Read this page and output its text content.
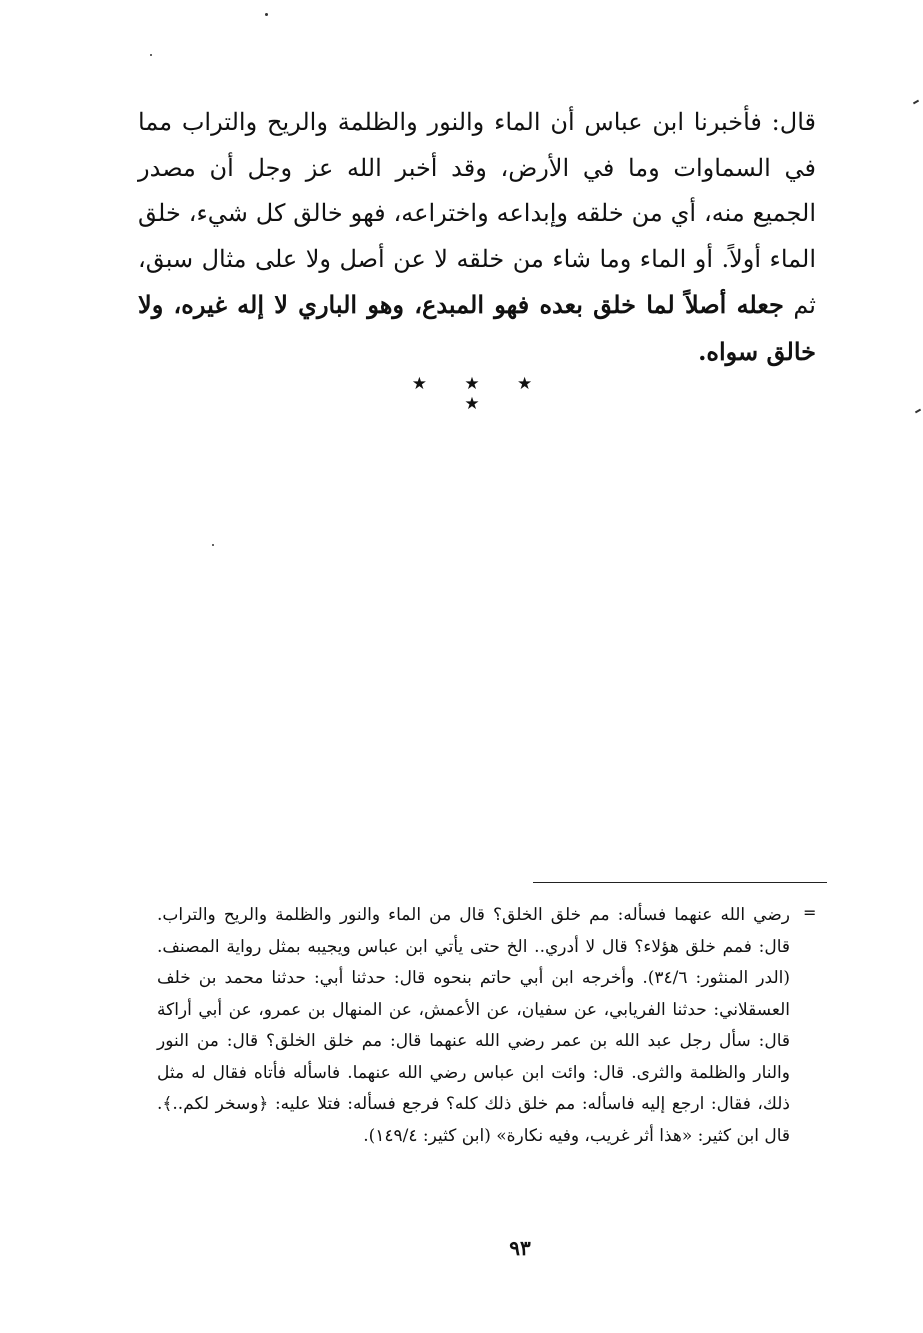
قال: فأخبرنا ابن عباس أن الماء والنور والظلمة والريح والتراب مما في السماوات وما في الأرض، وقد أخبر الله عز وجل أن مصدر الجميع منه، أي من خلقه وإبداعه واختراعه، فهو خالق كل شيء، خلق الماء أولاً. أو الماء وما شاء من خلقه لا عن أصل ولا على مثال سبق، ثم جعله أصلاً لما خلق بعده فهو المبدع، وهو الباري لا إله غيره، ولا خالق سواه.

★ ★ ★ ★
=

رضي الله عنهما فسأله: مم خلق الخلق؟ قال من الماء والنور والظلمة والريح والتراب. قال: فمم خلق هؤلاء؟ قال لا أدري.. الخ حتى يأتي ابن عباس ويجيبه بمثل رواية المصنف. (الدر المنثور: ٣٤/٦). وأخرجه ابن أبي حاتم بنحوه قال: حدثنا أبي: حدثنا محمد بن خلف العسقلاني: حدثنا الفريابي، عن سفيان، عن الأعمش، عن المنهال بن عمرو، عن أبي أراكة قال: سأل رجل عبد الله بن عمر رضي الله عنهما قال: مم خلق الخلق؟ قال: من النور والنار والظلمة والثرى. قال: وائت ابن عباس رضي الله عنهما. فاسأله فأتاه فقال له مثل ذلك، فقال: ارجع إليه فاسأله: مم خلق ذلك كله؟ فرجع فسأله: فتلا عليه: ﴿وسخر لكم..﴾. قال ابن كثير: «هذا أثر غريب، وفيه نكارة» (ابن كثير: ١٤٩/٤).

٩٣
